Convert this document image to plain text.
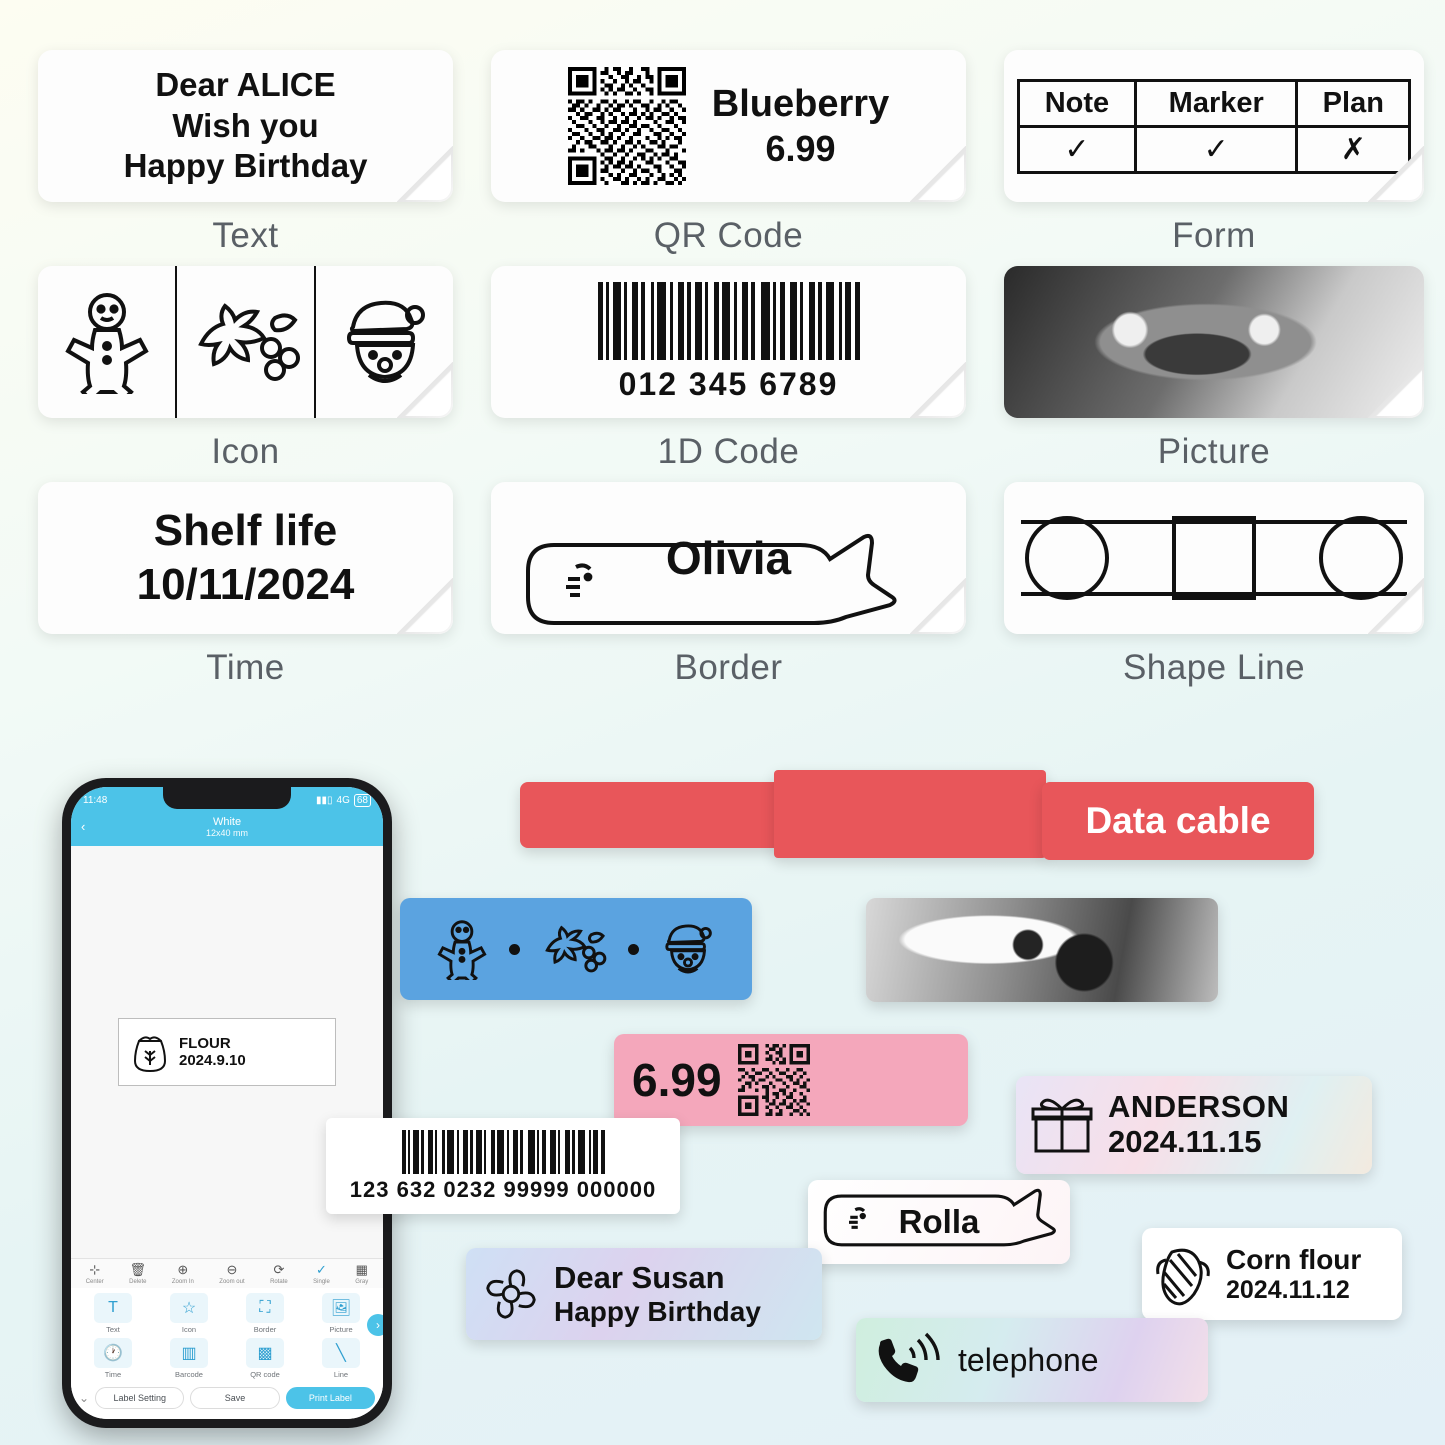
Dear ALICE
Wish you
Happy Birthday
Text
Blueberry
6.99
QR Code
Note	Marker	Plan
✓	✓	✗
Form
Icon
012 345 6789
1D Code	Picture
Shelf life
10/11/2024
Time
Olivia
Border	Shape Line
11:48	▮▮▯ 4G 68
‹	White
12x40 mm
FLOUR
2024.9.10
⊹
Center
🗑
Delete
⊕
Zoom In
⊖
Zoom out
⟳
Rotate
✓
Single
▦
Gray
T
Text
☆
Icon
⛶
Border
🖼
Picture
🕐
Time
▥
Barcode
▩
QR code
╲
Line
›
⌄	Label Setting	Save	Print Label
Data cable
6.99
ANDERSON
2024.11.15
123 632 0232 99999 000000
Rolla
Corn flour
2024.11.12
Dear Susan
Happy Birthday
telephone
